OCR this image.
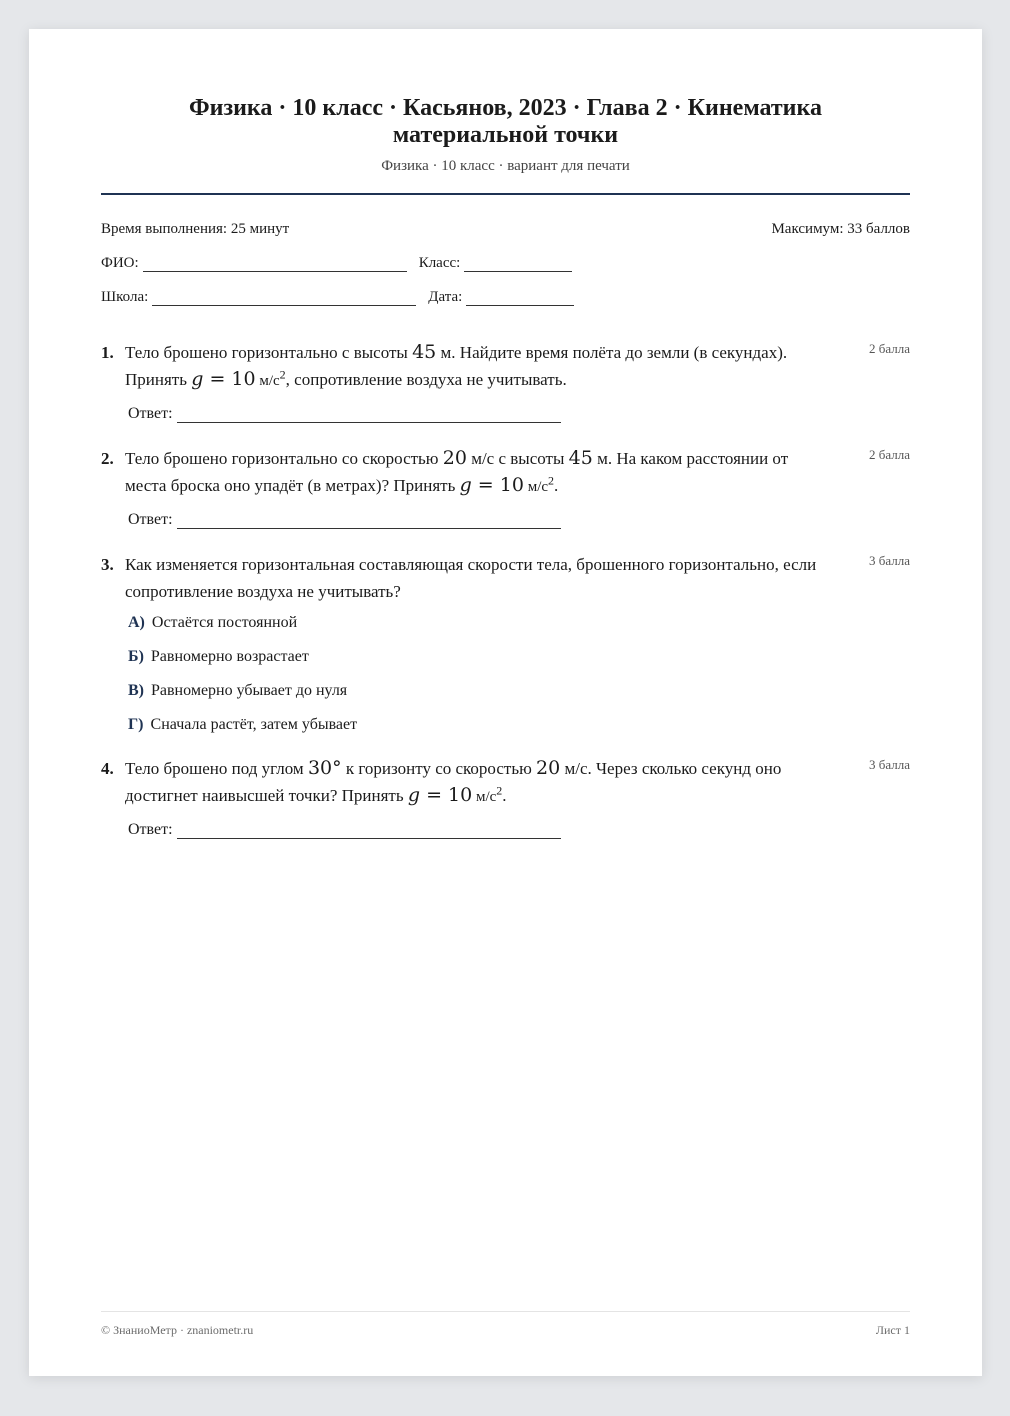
Физика · 10 класс · Касьянов, 2023 · Глава 2 · Кинематика материальной точки
Физика · 10 класс · вариант для печати
Время выполнения: 25 минут	Максимум: 33 баллов
ФИО:	Класс:
Школа:	Дата:
1. Тело брошено горизонтально с высоты 45 м. Найдите время полёта до земли (в секундах). Принять g = 10 $м/с^2$, сопротивление воздуха не учитывать.
2 балла
Ответ:
2. Тело брошено горизонтально со скоростью 20 м/с с высоты 45 м. На каком расстоянии от места броска оно упадёт (в метрах)? Принять g = 10 $м/с^2$.
2 балла
Ответ:
3. Как изменяется горизонтальная составляющая скорости тела, брошенного горизонтально, если сопротивление воздуха не учитывать?
3 балла
А) Остаётся постоянной
Б) Равномерно возрастает
В) Равномерно убывает до нуля
Г) Сначала растёт, затем убывает
4. Тело брошено под углом 30° к горизонту со скоростью 20 м/с. Через сколько секунд оно достигнет наивысшей точки? Принять g = 10 $м/с^2$.
3 балла
Ответ:
© ЗнаниоМетр · znaniometr.ru	Лист 1
